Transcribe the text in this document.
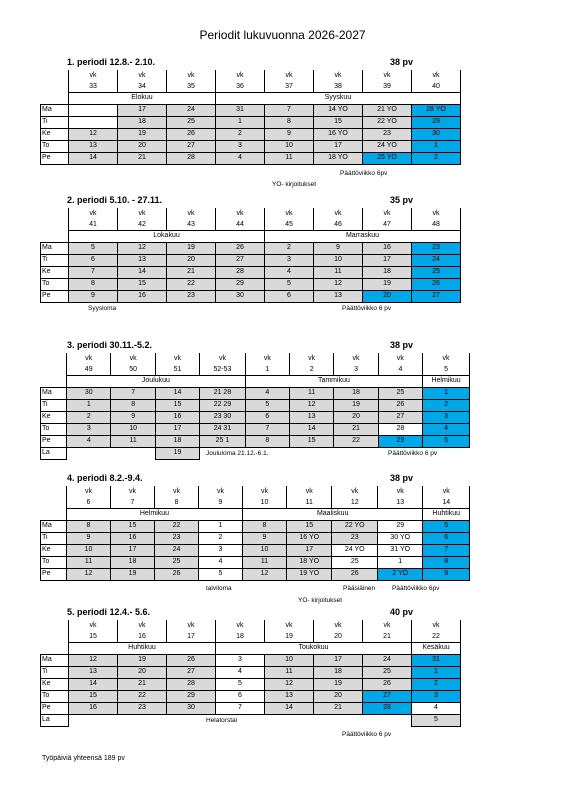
Periodit lukuvuonna 2026-2027
1. periodi 12.8.- 2.10.	38 pv
	vk	vk	vk	vk	vk	vk	vk	vk
	33	34	35	36	37	38	39	40
	Elokuu			Syyskuu				
Ma		17	24	31	7	14 YO	21 YO	28 YO
Ti		18	25	1	8	15	22 YO	29
Ke	12	19	26	2	9	16 YO	23	30
To	13	20	27	3	10	17	24 YO	1
Pe	14	21	28	4	11	18 YO	25 YO	2
Päättöviikko 6pv
YO- kirjoitukset
2. periodi 5.10. - 27.11.	35 pv
	vk	vk	vk	vk	vk	vk	vk	vk
	41	42	43	44	45	46	47	48
	Lokakuu				Marraskuu			
Ma	5	12	19	26	2	9	16	23
Ti	6	13	20	27	3	10	17	24
Ke	7	14	21	28	4	11	18	25
To	8	15	22	29	5	12	19	26
Pe	9	16	23	30	6	13	20	27
Syysloma	Päättöviikko 6 pv
3. periodi 30.11.-5.2.	38 pv
	vk	vk	vk	vk	vk	vk	vk	vk	vk
	49	50	51	52-53	1	2	3	4	5
	Joulukuu				Tammikuu				Helmikuu
Ma	30	7	14	21 28	4	11	18	25	1
Ti	1	8	15	22 29	5	12	19	26	2
Ke	2	9	16	23 30	6	13	20	27	3
To	3	10	17	24 31	7	14	21	28	4
Pe	4	11	18	25 1	8	15	22	29	5
La			19							Joululoma 21.12.-6.1.	Päättöviikko 6 pv
4. periodi 8.2.-9.4.	38 pv
	vk	vk	vk	vk	vk	vk	vk	vk	vk
	6	7	8	9	10	11	12	13	14
	Helmikuu				Maaliskuu				Huhtikuu
Ma	8	15	22	1	8	15	22 YO	29	5
Ti	9	16	23	2	9	16 YO	23	30 YO	6
Ke	10	17	24	3	10	17	24 YO	31 YO	7
To	11	18	25	4	11	18 YO	25	1	8
Pe	12	19	26	5	12	19 YO	26	2 YO	9
talviloma	Pääsiäinen	Päättöviikko 6pv
YO- kirjoitukset
5. periodi 12.4.- 5.6.	40 pv
	vk	vk	vk	vk	vk	vk	vk	vk
	15	16	17	18	19	20	21	22
	Huhtikuu			Toukokuu				Kesäkuu
Ma	12	19	26	3	10	17	24	31
Ti	13	20	27	4	11	18	25	1
Ke	14	21	28	5	12	19	26	2
To	15	22	29	6	13	20	27	3
Pe	16	23	30	7	14	21	28	4
La								5
Helatorstai
Päättöviikko 6 pv
Työpäiviä yhteensä 189 pv
